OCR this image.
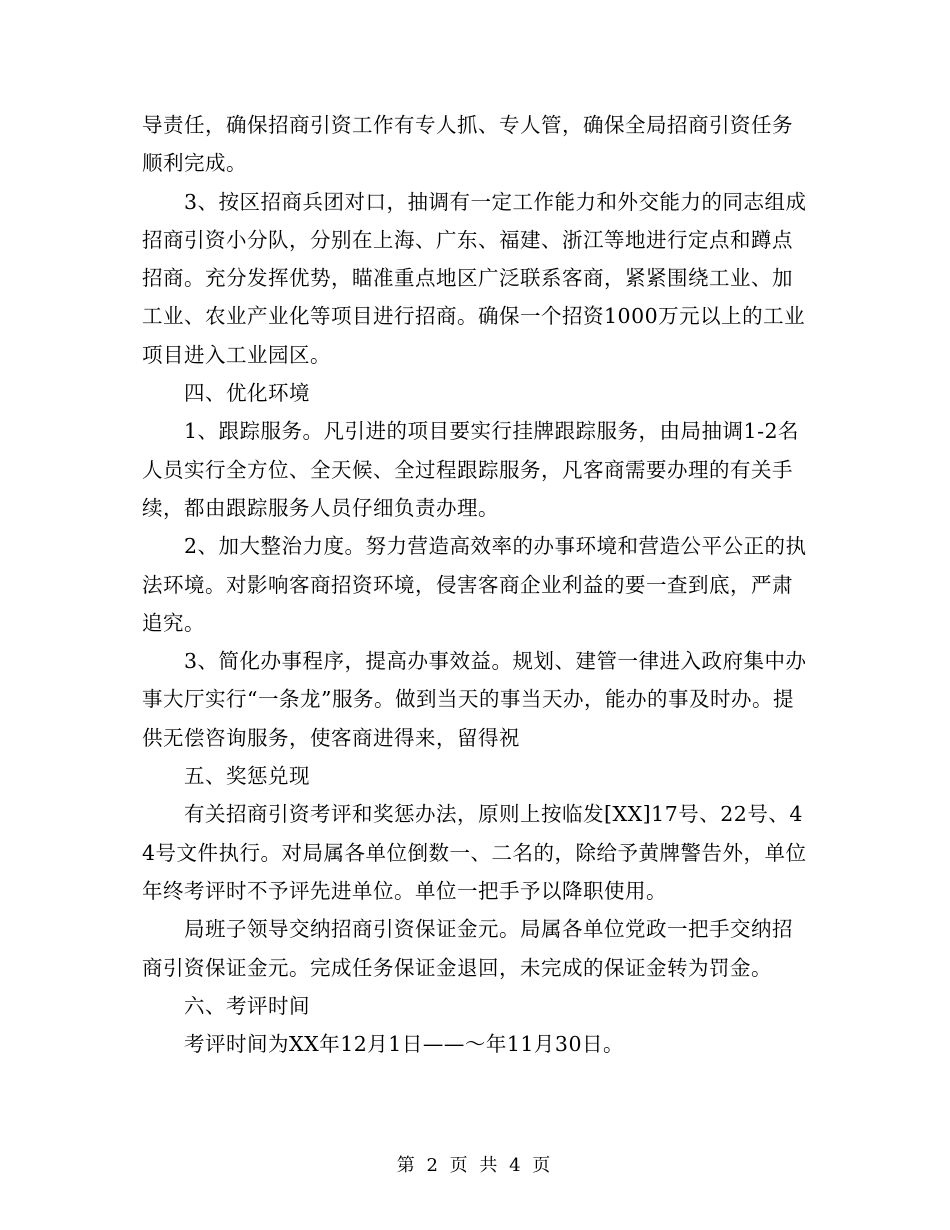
导责任，确保招商引资工作有专人抓、专人管，确保全局招商引资任务顺利完成。

3、按区招商兵团对口，抽调有一定工作能力和外交能力的同志组成招商引资小分队，分别在上海、广东、福建、浙江等地进行定点和蹲点招商。充分发挥优势，瞄准重点地区广泛联系客商，紧紧围绕工业、加工业、农业产业化等项目进行招商。确保一个招资1000万元以上的工业项目进入工业园区。

四、优化环境

1、跟踪服务。凡引进的项目要实行挂牌跟踪服务，由局抽调1-2名人员实行全方位、全天候、全过程跟踪服务，凡客商需要办理的有关手续，都由跟踪服务人员仔细负责办理。

2、加大整治力度。努力营造高效率的办事环境和营造公平公正的执法环境。对影响客商招资环境，侵害客商企业利益的要一查到底，严肃追究。

3、简化办事程序，提高办事效益。规划、建管一律进入政府集中办事大厅实行“一条龙”服务。做到当天的事当天办，能办的事及时办。提供无偿咨询服务，使客商进得来，留得祝

五、奖惩兑现

有关招商引资考评和奖惩办法，原则上按临发[XX]17号、22号、44号文件执行。对局属各单位倒数一、二名的，除给予黄牌警告外，单位年终考评时不予评先进单位。单位一把手予以降职使用。

局班子领导交纳招商引资保证金元。局属各单位党政一把手交纳招商引资保证金元。完成任务保证金退回，未完成的保证金转为罚金。

六、考评时间

考评时间为XX年12月1日——～年11月30日。

第 2 页 共 4 页
